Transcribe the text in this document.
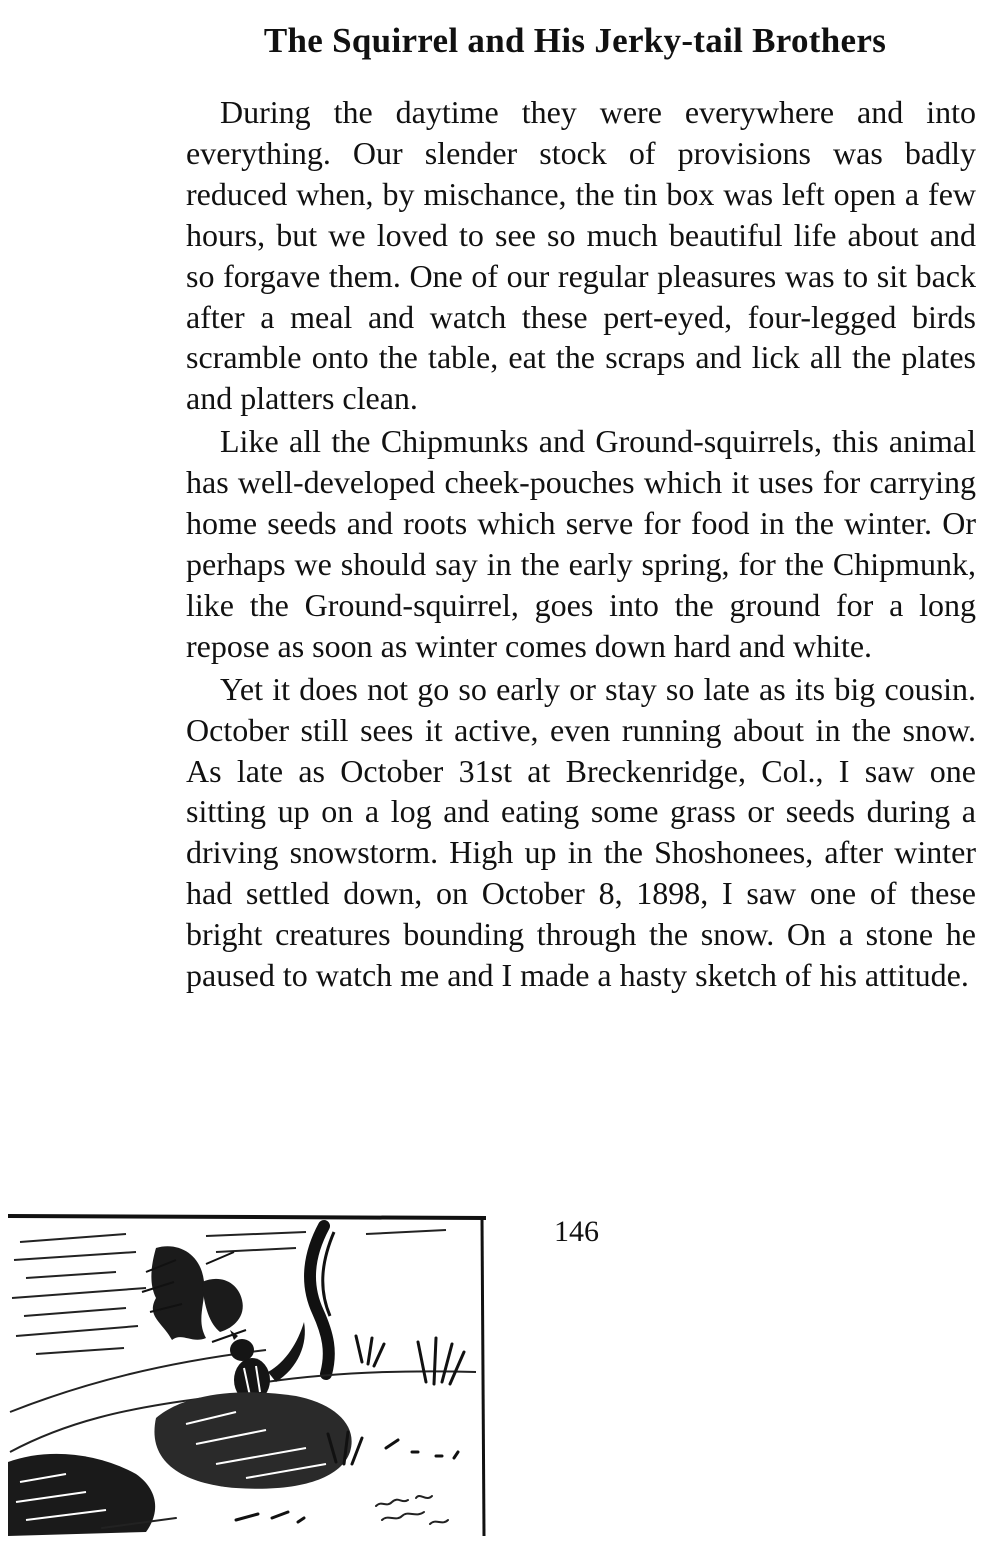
The Squirrel and His Jerky-tail Brothers

During the daytime they were everywhere and into everything. Our slender stock of provisions was badly reduced when, by mischance, the tin box was left open a few hours, but we loved to see so much beautiful life about and so forgave them. One of our regular pleasures was to sit back after a meal and watch these pert-eyed, four-legged birds scramble onto the table, eat the scraps and lick all the plates and platters clean.

Like all the Chipmunks and Ground-squirrels, this animal has well-developed cheek-pouches which it uses for carrying home seeds and roots which serve for food in the winter. Or perhaps we should say in the early spring, for the Chipmunk, like the Ground-squirrel, goes into the ground for a long repose as soon as winter comes down hard and white.

Yet it does not go so early or stay so late as its big cousin. October still sees it active, even running about in the snow. As late as October 31st at Breckenridge, Col., I saw one sitting up on a log and eating some grass or seeds during a driving snowstorm. High up in the Shoshonees, after winter had settled down, on October 8, 1898, I saw one of these bright creatures bounding through the snow. On a stone he paused to watch me and I made a hasty sketch of his attitude.

146
